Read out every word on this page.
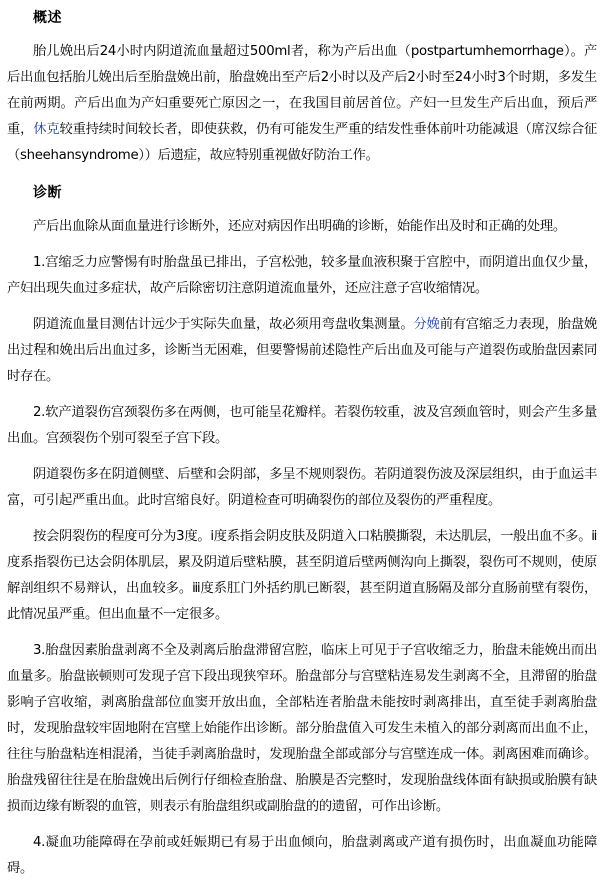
概述

胎儿娩出后24小时内阴道流血量超过500ml者，称为产后出血（postpartumhemorrhage）。产后出血包括胎儿娩出后至胎盘娩出前，胎盘娩出至产后2小时以及产后2小时至24小时3个时期，多发生在前两期。产后出血为产妇重要死亡原因之一，在我国目前居首位。产妇一旦发生产后出血，预后严重，休克较重持续时间较长者，即使获救，仍有可能发生严重的结发性垂体前叶功能减退（席汉综合征（sheehansyndrome））后遗症，故应特别重视做好防治工作。

诊断

产后出血除从面血量进行诊断外，还应对病因作出明确的诊断，始能作出及时和正确的处理。

1.宫缩乏力应警惕有时胎盘虽已排出，子宫松弛，较多量血液积聚于宫腔中，而阴道出血仅少量，产妇出现失血过多症状，故产后除密切注意阴道流血量外，还应注意子宫收缩情况。

阴道流血量目测估计远少于实际失血量，故必须用弯盘收集测量。分娩前有宫缩乏力表现，胎盘娩出过程和娩出后出血过多，诊断当无困难，但要警惕前述隐性产后出血及可能与产道裂伤或胎盘因素同时存在。

2.软产道裂伤宫颈裂伤多在两侧，也可能呈花瓣样。若裂伤较重，波及宫颈血管时，则会产生多量出血。宫颈裂伤个别可裂至子宫下段。

阴道裂伤多在阴道侧壁、后壁和会阴部，多呈不规则裂伤。若阴道裂伤波及深层组织，由于血运丰富，可引起严重出血。此时宫缩良好。阴道检查可明确裂伤的部位及裂伤的严重程度。

按会阴裂伤的程度可分为3度。ⅰ度系指会阴皮肤及阴道入口粘膜撕裂，未达肌层，一般出血不多。ⅱ度系指裂伤已达会阴体肌层，累及阴道后壁粘膜，甚至阴道后壁两侧沟向上撕裂，裂伤可不规则，使原解剖组织不易辩认，出血较多。ⅲ度系肛门外括约肌已断裂，甚至阴道直肠隔及部分直肠前壁有裂伤，此情况虽严重。但出血量不一定很多。

3.胎盘因素胎盘剥离不全及剥离后胎盘滞留宫腔，临床上可见于子宫收缩乏力，胎盘未能娩出而出血量多。胎盘嵌顿则可发现子宫下段出现狭窄环。胎盘部分与宫壁粘连易发生剥离不全，且滞留的胎盘影响子宫收缩，剥离胎盘部位血窦开放出血，全部粘连者胎盘未能按时剥离排出，直至徒手剥离胎盘时，发现胎盘较牢固地附在宫壁上始能作出诊断。部分胎盘值入可发生未植入的部分剥离而出血不止，往往与胎盘粘连相混淆，当徒手剥离胎盘时，发现胎盘全部或部分与宫壁连成一体。剥离困难而确诊。胎盘残留往往是在胎盘娩出后例行仔细检查胎盘、胎膜是否完整时，发现胎盘线体面有缺损或胎膜有缺损而边缘有断裂的血管，则表示有胎盘组织或副胎盘的的遗留，可作出诊断。

4.凝血功能障碍在孕前或妊娠期已有易于出血倾向，胎盘剥离或产道有损伤时，出血凝血功能障碍。
